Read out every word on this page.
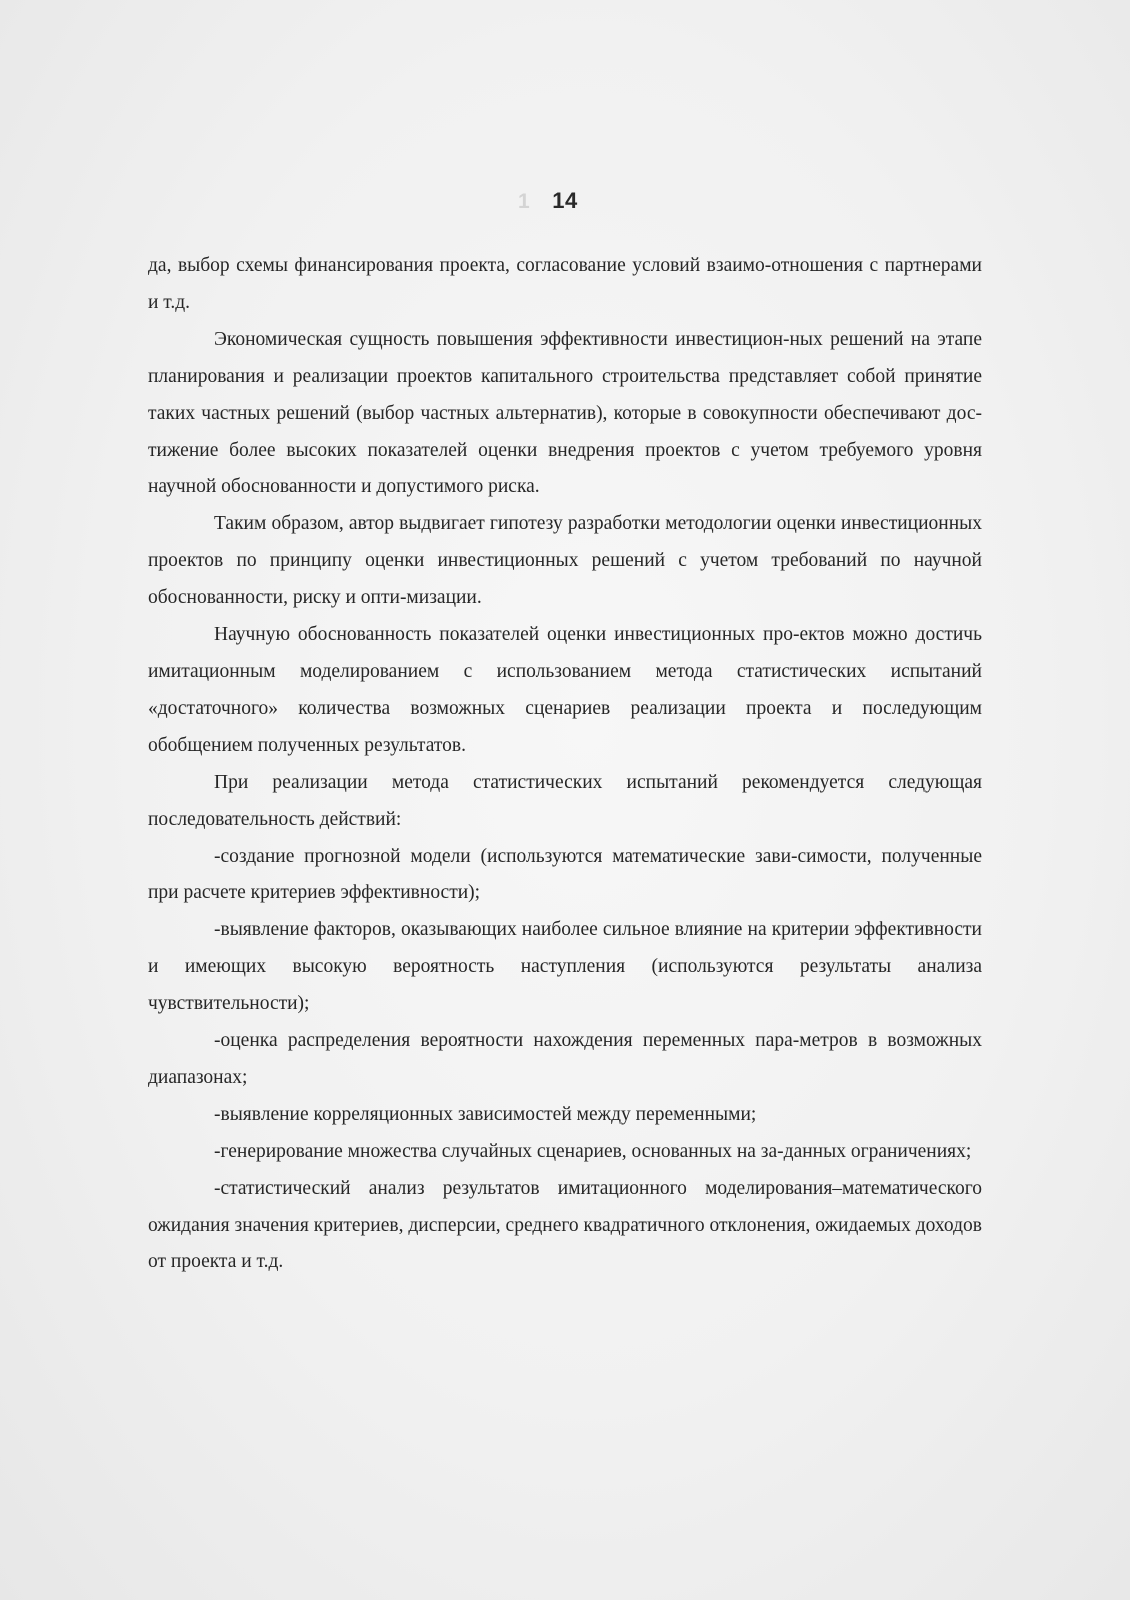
1	14

да, выбор схемы финансирования проекта, согласование условий взаимо-отношения с партнерами и т.д.

Экономическая сущность повышения эффективности инвестицион-ных решений на этапе планирования и реализации проектов капитального строительства представляет собой принятие таких частных решений (выбор частных альтернатив), которые в совокупности обеспечивают дос-тижение более высоких показателей оценки внедрения проектов с учетом требуемого уровня научной обоснованности и допустимого риска.

Таким образом, автор выдвигает гипотезу разработки методологии оценки инвестиционных проектов по принципу оценки инвестиционных решений с учетом требований по научной обоснованности, риску и опти-мизации.

Научную обоснованность показателей оценки инвестиционных про-ектов можно достичь имитационным моделированием с использованием метода статистических испытаний «достаточного» количества возможных сценариев реализации проекта и последующим обобщением полученных результатов.

При реализации метода статистических испытаний рекомендуется следующая последовательность действий:

-создание прогнозной модели (используются математические зави-симости, полученные при расчете критериев эффективности);

-выявление факторов, оказывающих наиболее сильное влияние на критерии эффективности и имеющих высокую вероятность наступления (используются результаты анализа чувствительности);

-оценка распределения вероятности нахождения переменных пара-метров в возможных диапазонах;

-выявление корреляционных зависимостей между переменными;

-генерирование множества случайных сценариев, основанных на за-данных ограничениях;

-статистический анализ результатов имитационного моделирования–математического ожидания значения критериев, дисперсии, среднего квадратичного отклонения, ожидаемых доходов от проекта и т.д.
